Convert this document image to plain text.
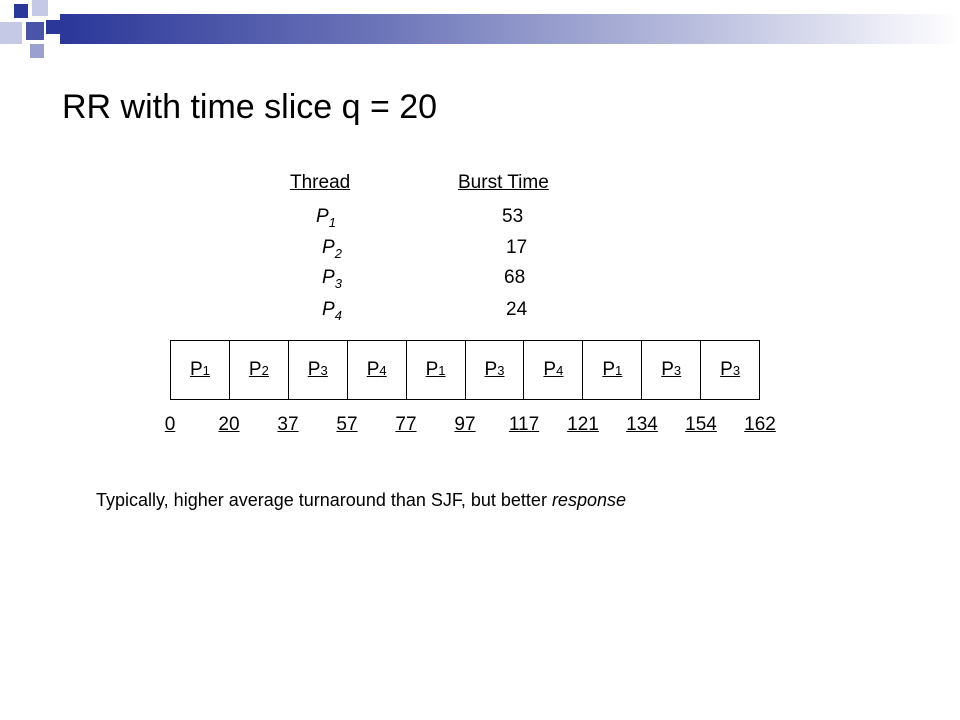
RR with time slice q = 20
Thread	Burst Time
$P_1$	53
$P_2$	17
$P_3$	68
$P_4$	24
P 1 P 2 P 3 P 4 P 1 P 3 P 4 P 1 P 3 P 3
0 20 37 57 77 97 117 121 134 154 162
Typically, higher average turnaround than SJF, but better response
